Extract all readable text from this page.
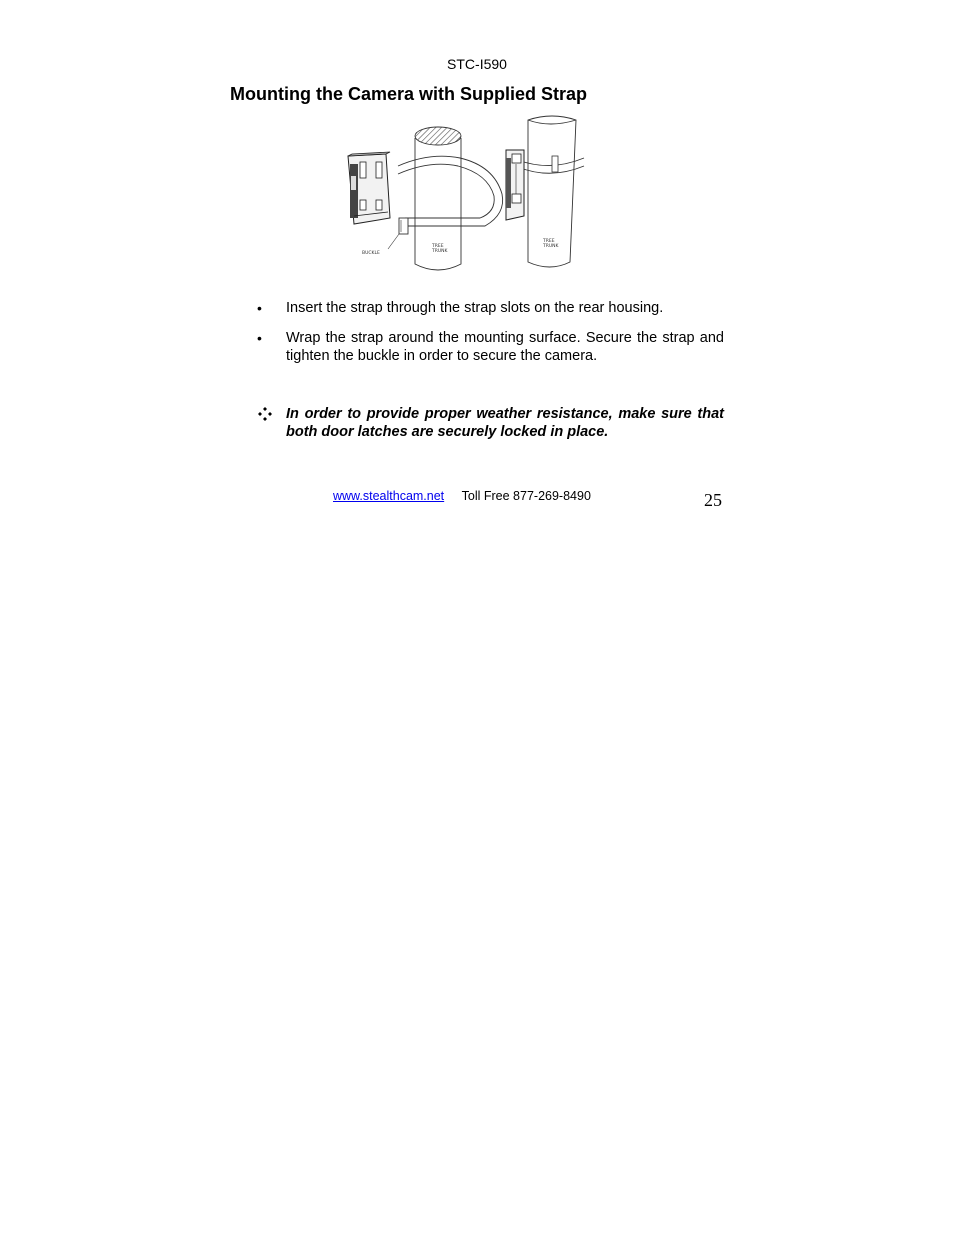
STC-I590
Mounting the Camera with Supplied Strap
TREE
TRUNK
BUCKLE
TREE
TRUNK
• Insert the strap through the strap slots on the rear housing.
• Wrap the strap around the mounting surface. Secure the strap and tighten the buckle in order to secure the camera.
In order to provide proper weather resistance, make sure that both door latches are securely locked in place.
www.stealthcam.net Toll Free 877-269-8490	25
